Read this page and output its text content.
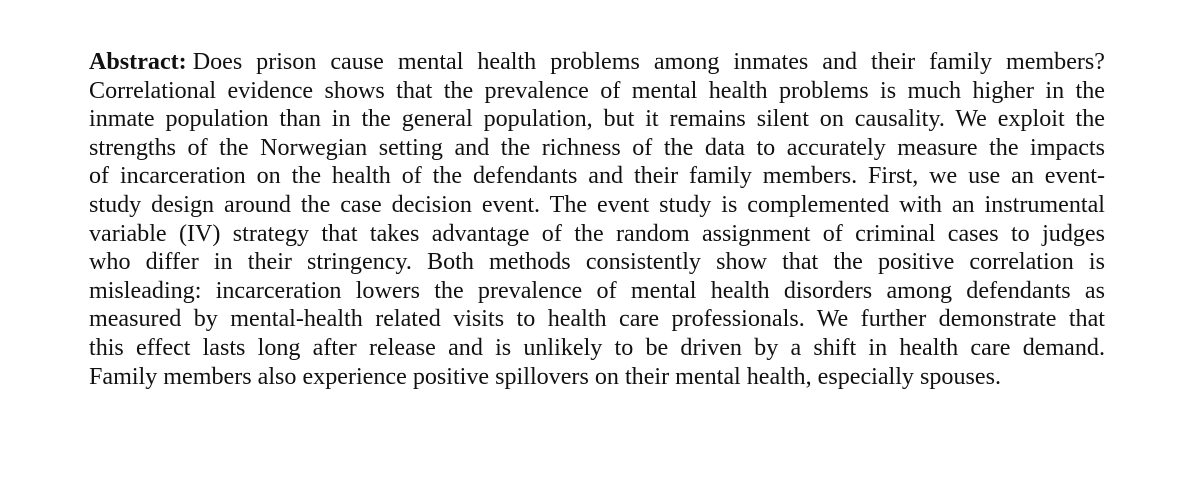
Abstract: Does prison cause mental health problems among inmates and their family members?
Correlational evidence shows that the prevalence of mental health problems is much higher in the
inmate population than in the general population, but it remains silent on causality. We exploit the
strengths of the Norwegian setting and the richness of the data to accurately measure the impacts
of incarceration on the health of the defendants and their family members. First, we use an event-
study design around the case decision event. The event study is complemented with an instrumental
variable (IV) strategy that takes advantage of the random assignment of criminal cases to judges
who differ in their stringency. Both methods consistently show that the positive correlation is
misleading: incarceration lowers the prevalence of mental health disorders among defendants as
measured by mental-health related visits to health care professionals. We further demonstrate that
this effect lasts long after release and is unlikely to be driven by a shift in health care demand.
Family members also experience positive spillovers on their mental health, especially spouses.
